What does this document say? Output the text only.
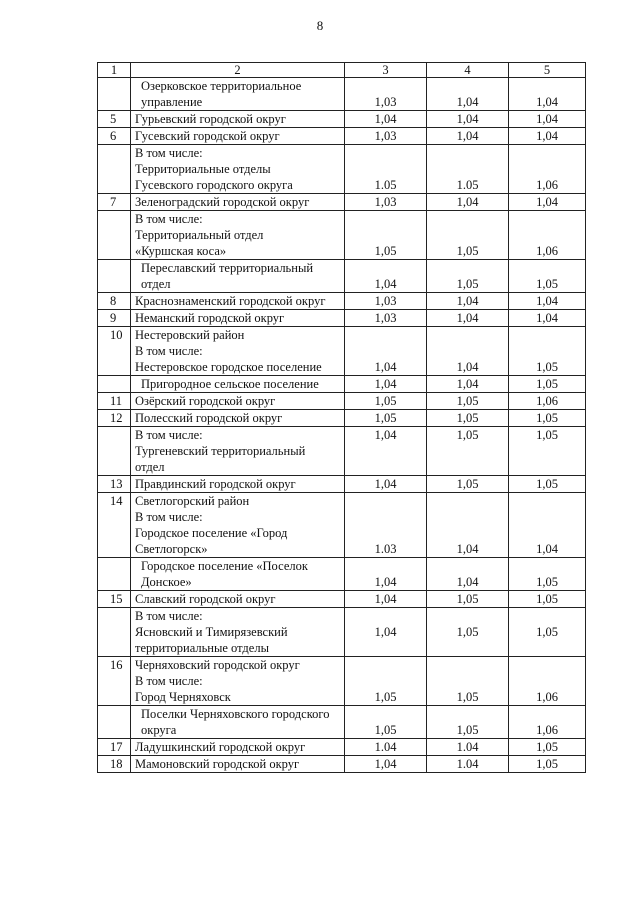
8
1	2	3	4	5
	Озерковское территориальное
управление	1,03	1,04	1,04
5	Гурьевский городской округ	1,04	1,04	1,04
6	Гусевский городской округ	1,03	1,04	1,04
	В том числе:
Территориальные отделы
Гусевского городского округа	1.05	1.05	1,06
7	Зеленоградский городской округ	1,03	1,04	1,04
	В том числе:
Территориальный отдел
«Куршская коса»	1,05	1,05	1,06
	Переславский территориальный
отдел	1,04	1,05	1,05
8	Краснознаменский городской округ	1,03	1,04	1,04
9	Неманский городской округ	1,03	1,04	1,04
10	Нестеровский район
В том числе:
Нестеровское городское поселение	1,04	1,04	1,05
	Пригородное сельское поселение	1,04	1,04	1,05
11	Озёрский городской округ	1,05	1,05	1,06
12	Полесский городской округ	1,05	1,05	1,05
	В том числе:
Тургеневский территориальный
отдел	1,04	1,05	1,05
13	Правдинский городской округ	1,04	1,05	1,05
14	Светлогорский район
В том числе:
Городское поселение «Город
Светлогорск»	1.03	1,04	1,04
	Городское поселение «Поселок
Донское»	1,04	1,04	1,05
15	Славский городской округ	1,04	1,05	1,05
	В том числе:
Ясновский и Тимирязевский
территориальные отделы	1,04	1,05	1,05
16	Черняховский городской округ
В том числе:
Город Черняховск	1,05	1,05	1,06
	Поселки Черняховского городского
округа	1,05	1,05	1,06
17	Ладушкинский городской округ	1.04	1.04	1,05
18	Мамоновский городской округ	1,04	1.04	1,05
